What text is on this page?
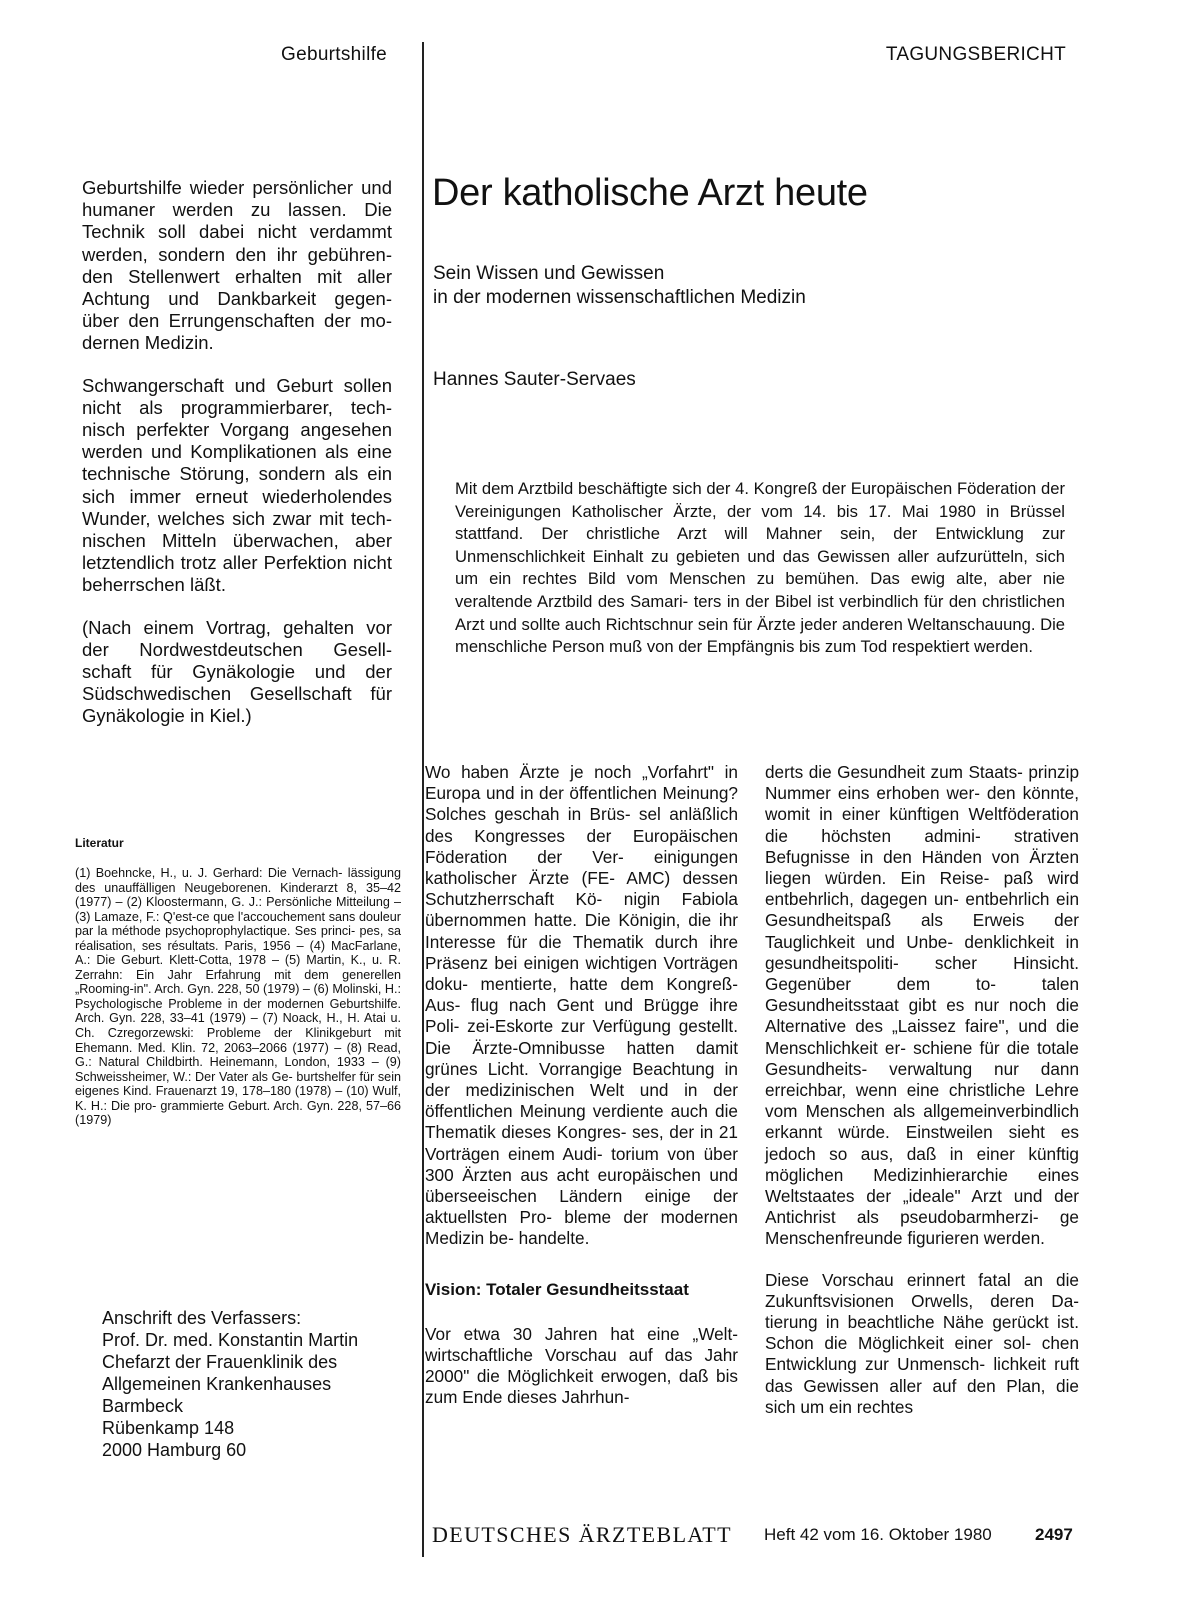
Geburtshilfe	TAGUNGSBERICHT

Geburtshilfe wieder persönlicher und humaner werden zu lassen. Die Technik soll dabei nicht verdammt werden, sondern den ihr gebühren- den Stellenwert erhalten mit aller Achtung und Dankbarkeit gegen- über den Errungenschaften der mo- dernen Medizin.

Schwangerschaft und Geburt sollen nicht als programmierbarer, tech- nisch perfekter Vorgang angesehen werden und Komplikationen als eine technische Störung, sondern als ein sich immer erneut wiederholendes Wunder, welches sich zwar mit tech- nischen Mitteln überwachen, aber letztendlich trotz aller Perfektion nicht beherrschen läßt.

(Nach einem Vortrag, gehalten vor der Nordwestdeutschen Gesell- schaft für Gynäkologie und der Südschwedischen Gesellschaft für Gynäkologie in Kiel.)

Literatur

(1) Boehncke, H., u. J. Gerhard: Die Vernach- lässigung des unauffälligen Neugeborenen. Kinderarzt 8, 35–42 (1977) – (2) Kloostermann, G. J.: Persönliche Mitteilung – (3) Lamaze, F.: Q'est-ce que l'accouchement sans douleur par la méthode psychoprophylactique. Ses princi- pes, sa réalisation, ses résultats. Paris, 1956 – (4) MacFarlane, A.: Die Geburt. Klett-Cotta, 1978 – (5) Martin, K., u. R. Zerrahn: Ein Jahr Erfahrung mit dem generellen „Rooming-in". Arch. Gyn. 228, 50 (1979) – (6) Molinski, H.: Psychologische Probleme in der modernen Geburtshilfe. Arch. Gyn. 228, 33–41 (1979) – (7) Noack, H., H. Atai u. Ch. Czregorzewski: Probleme der Klinikgeburt mit Ehemann. Med. Klin. 72, 2063–2066 (1977) – (8) Read, G.: Natural Childbirth. Heinemann, London, 1933 – (9) Schweissheimer, W.: Der Vater als Ge- burtshelfer für sein eigenes Kind. Frauenarzt 19, 178–180 (1978) – (10) Wulf, K. H.: Die pro- grammierte Geburt. Arch. Gyn. 228, 57–66 (1979)

Anschrift des Verfassers:

Prof. Dr. med. Konstantin Martin

Chefarzt der Frauenklinik des

Allgemeinen Krankenhauses

Barmbeck

Rübenkamp 148

2000 Hamburg 60

Der katholische Arzt heute

Sein Wissen und Gewissen

in der modernen wissenschaftlichen Medizin

Hannes Sauter-Servaes

Mit dem Arztbild beschäftigte sich der 4. Kongreß der Europäischen Föderation der Vereinigungen Katholischer Ärzte, der vom 14. bis 17. Mai 1980 in Brüssel stattfand. Der christliche Arzt will Mahner sein, der Entwicklung zur Unmenschlichkeit Einhalt zu gebieten und das Gewissen aller aufzurütteln, sich um ein rechtes Bild vom Menschen zu bemühen. Das ewig alte, aber nie veraltende Arztbild des Samari- ters in der Bibel ist verbindlich für den christlichen Arzt und sollte auch Richtschnur sein für Ärzte jeder anderen Weltanschauung. Die menschliche Person muß von der Empfängnis bis zum Tod respektiert werden.

Wo haben Ärzte je noch „Vorfahrt" in Europa und in der öffentlichen Meinung? Solches geschah in Brüs- sel anläßlich des Kongresses der Europäischen Föderation der Ver- einigungen katholischer Ärzte (FE- AMC) dessen Schutzherrschaft Kö- nigin Fabiola übernommen hatte. Die Königin, die ihr Interesse für die Thematik durch ihre Präsenz bei einigen wichtigen Vorträgen doku- mentierte, hatte dem Kongreß-Aus- flug nach Gent und Brügge ihre Poli- zei-Eskorte zur Verfügung gestellt. Die Ärzte-Omnibusse hatten damit grünes Licht. Vorrangige Beachtung in der medizinischen Welt und in der öffentlichen Meinung verdiente auch die Thematik dieses Kongres- ses, der in 21 Vorträgen einem Audi- torium von über 300 Ärzten aus acht europäischen und überseeischen Ländern einige der aktuellsten Pro- bleme der modernen Medizin be- handelte.

Vision: Totaler Gesundheitsstaat

Vor etwa 30 Jahren hat eine „Welt- wirtschaftliche Vorschau auf das Jahr 2000" die Möglichkeit erwogen, daß bis zum Ende dieses Jahrhun-

derts die Gesundheit zum Staats- prinzip Nummer eins erhoben wer- den könnte, womit in einer künftigen Weltföderation die höchsten admini- strativen Befugnisse in den Händen von Ärzten liegen würden. Ein Reise- paß wird entbehrlich, dagegen un- entbehrlich ein Gesundheitspaß als Erweis der Tauglichkeit und Unbe- denklichkeit in gesundheitspoliti- scher Hinsicht. Gegenüber dem to- talen Gesundheitsstaat gibt es nur noch die Alternative des „Laissez faire", und die Menschlichkeit er- schiene für die totale Gesundheits- verwaltung nur dann erreichbar, wenn eine christliche Lehre vom Menschen als allgemeinverbindlich erkannt würde. Einstweilen sieht es jedoch so aus, daß in einer künftig möglichen Medizinhierarchie eines Weltstaates der „ideale" Arzt und der Antichrist als pseudobarmherzi- ge Menschenfreunde figurieren werden.

Diese Vorschau erinnert fatal an die Zukunftsvisionen Orwells, deren Da- tierung in beachtliche Nähe gerückt ist. Schon die Möglichkeit einer sol- chen Entwicklung zur Unmensch- lichkeit ruft das Gewissen aller auf den Plan, die sich um ein rechtes

DEUTSCHES ÄRZTEBLATT Heft 42 vom 16. Oktober 1980	2497
